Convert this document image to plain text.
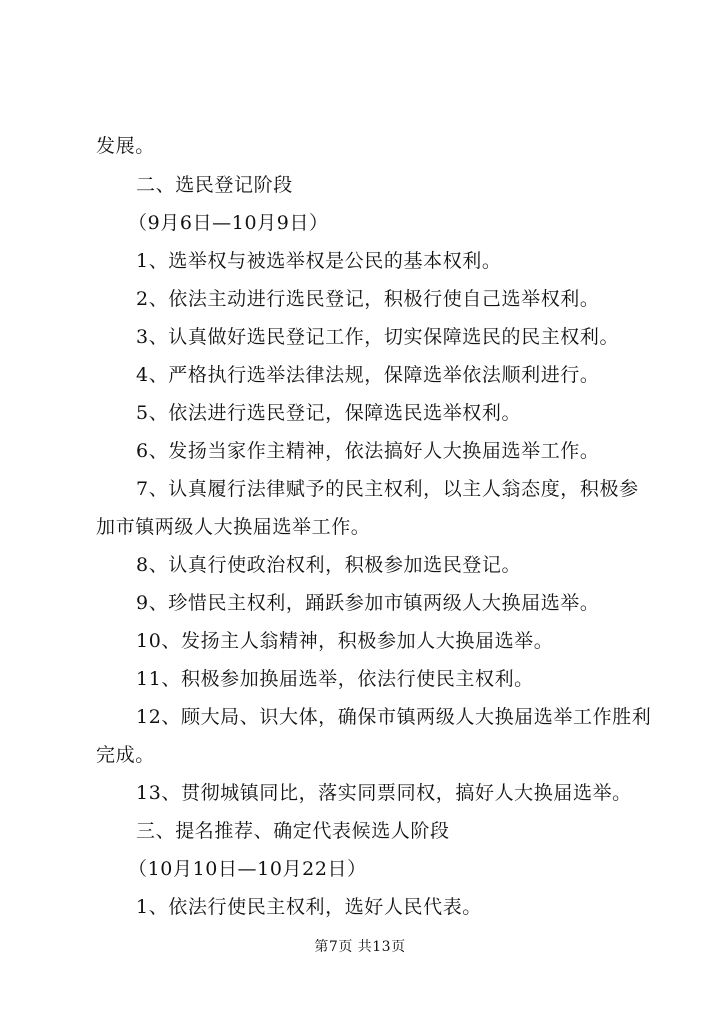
发展。
二、选民登记阶段
（9月6日—10月9日）
1、选举权与被选举权是公民的基本权利。
2、依法主动进行选民登记，积极行使自己选举权利。
3、认真做好选民登记工作，切实保障选民的民主权利。
4、严格执行选举法律法规，保障选举依法顺利进行。
5、依法进行选民登记，保障选民选举权利。
6、发扬当家作主精神，依法搞好人大换届选举工作。
7、认真履行法律赋予的民主权利，以主人翁态度，积极参
加市镇两级人大换届选举工作。
8、认真行使政治权利，积极参加选民登记。
9、珍惜民主权利，踊跃参加市镇两级人大换届选举。
10、发扬主人翁精神，积极参加人大换届选举。
11、积极参加换届选举，依法行使民主权利。
12、顾大局、识大体，确保市镇两级人大换届选举工作胜利
完成。
13、贯彻城镇同比，落实同票同权，搞好人大换届选举。
三、提名推荐、确定代表候选人阶段
（10月10日—10月22日）
1、依法行使民主权利，选好人民代表。
第7页 共13页
